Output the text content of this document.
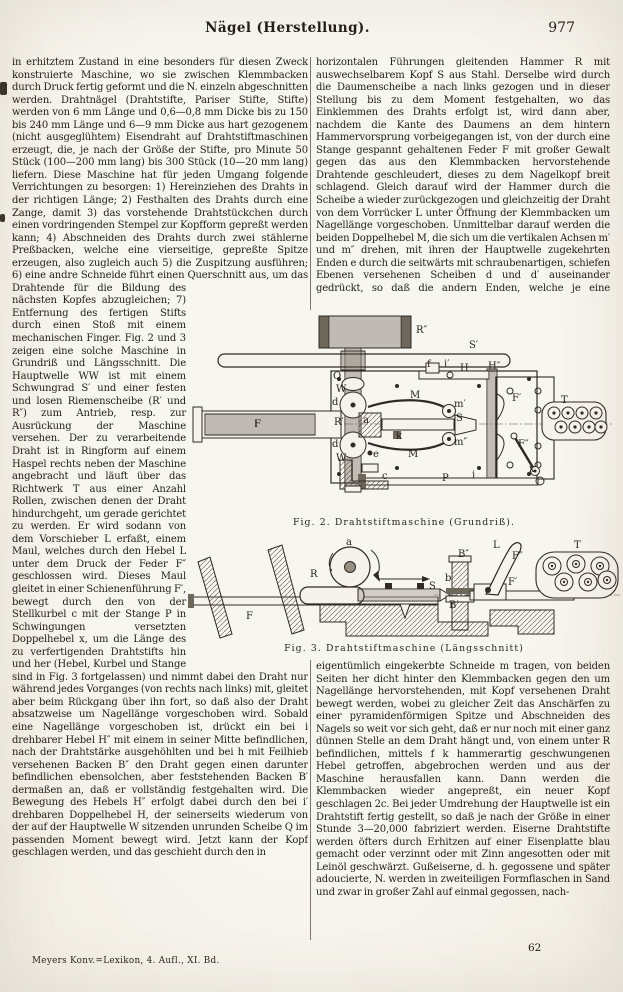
Nägel (Herstellung).	977
in erhitztem Zustand in eine besonders für diesen Zweck konstruierte Maschine, wo sie zwischen Klemmbacken durch Druck fertig geformt und die N. einzeln abgeschnitten werden. Drahtnägel (Drahtstifte, Pariser Stifte, Stifte) werden von 6 mm Länge und 0,6—0,8 mm Dicke bis zu 150 bis 240 mm Länge und 6—9 mm Dicke aus hart gezogenem (nicht ausgeglühtem) Eisendraht auf Drahtstiftmaschinen erzeugt, die, je nach der Größe der Stifte, pro Minute 50 Stück (100—200 mm lang) bis 300 Stück (10—20 mm lang) liefern. Diese Maschine hat für jeden Umgang folgende Verrichtungen zu besorgen: 1) Hereinziehen des Drahts in der richtigen Länge; 2) Festhalten des Drahts durch eine Zange, damit 3) das vorstehende Drahtstückchen durch einen vordringenden Stempel zur Kopfform gepreßt werden kann; 4) Abschneiden des Drahts durch zwei stählerne Preßbacken, welche eine vierseitige, gepreßte Spitze erzeugen, also zugleich auch 5) die Zuspitzung ausführen; 6) eine andre Schneide führt einen Querschnitt aus, um das Drahtende für die Bildung des nächsten Kopfes abzugleichen; 7) Entfernung des fertigen Stifts durch einen Stoß mit einem mechanischen Finger. Fig. 2 und 3 zeigen eine solche Maschine in Grundriß und Längsschnitt. Die Hauptwelle WW ist mit einem Schwungrad S′ und einer festen und losen Riemenscheibe (R′ und R″) zum Antrieb, resp. zur Ausrückung der Maschine versehen. Der zu verarbeitende Draht ist in Ringform auf einem Haspel rechts neben der Maschine angebracht und läuft über das Richtwerk T aus einer Anzahl Rollen, zwischen denen der Draht hindurchgeht, um gerade gerichtet zu werden. Er wird sodann von dem Vorschieber L erfaßt, einem Maul, welches durch den Hebel L unter dem Druck der Feder F″ geschlossen wird. Dieses Maul gleitet in einer Schienenführung F′, bewegt durch den von der Stellkurbel c mit der Stange P in Schwingungen versetzten Doppelhebel x, um die Länge des zu verfertigenden Drahtstifts hin und her (Hebel, Kurbel und Stange sind in Fig. 3 fortgelassen) und nimmt dabei den Draht nur während jedes Vorganges (von rechts nach links) mit, gleitet aber beim Rückgang über ihn fort, so daß also der Draht absatzweise um Nagellänge vorgeschoben wird. Sobald eine Nagellänge vorgeschoben ist, drückt ein bei i drehbarer Hebel H″ mit einem in seiner Mitte befindlichen, nach der Drahtstärke ausgehöhlten und bei h mit Feilhieb versehenen Backen B″ den Draht gegen einen darunter befindlichen ebensolchen, aber feststehenden Backen B′ dermaßen an, daß er vollständig festgehalten wird. Die Bewegung des Hebels H″ erfolgt dabei durch den bei i′ drehbaren Doppelhebel H, der seinerseits wiederum von der auf der Hauptwelle W sitzenden unrunden Scheibe Q im passenden Moment bewegt wird. Jetzt kann der Kopf geschlagen werden, und das geschieht durch den in
horizontalen Führungen gleitenden Hammer R mit auswechselbarem Kopf S aus Stahl. Derselbe wird durch die Daumenscheibe a nach links gezogen und in dieser Stellung bis zu dem Moment festgehalten, wo das Einklemmen des Drahts erfolgt ist, wird dann aber, nachdem die Kante des Daumens an dem hintern Hammervorsprung vorbeigegangen ist, von der durch eine Stange gespannt gehaltenen Feder F mit großer Gewalt gegen das aus den Klemmbacken hervorstehende Drahtende geschleudert, dieses zu dem Nagelkopf breit schlagend. Gleich darauf wird der Hammer durch die Scheibe a wieder zurückgezogen und gleichzeitig der Draht von dem Vorrücker L unter Öffnung der Klemmbacken um Nagellänge vorgeschoben. Unmittelbar darauf werden die beiden Doppelhebel M, die sich um die vertikalen Achsen m′ und m″ drehen, mit ihren der Hauptwelle zugekehrten Enden e durch die seitwärts mit schraubenartigen, schiefen Ebenen versehenen Scheiben d und d′ auseinander gedrückt, so daß die andern Enden, welche je eine eigentümlich eingekerbte Schneide m tragen, von beiden Seiten her dicht hinter den Klemmbacken gegen den um Nagellänge hervorstehenden, mit Kopf versehenen Draht bewegt werden, wobei zu gleicher Zeit das Anschärfen zu einer pyramidenförmigen Spitze und Abschneiden des Nagels so weit vor sich geht, daß er nur noch mit einer ganz dünnen Stelle an dem Draht hängt und, von einem unter R befindlichen, mittels f k hammerartig geschwungenen Hebel getroffen, abgebrochen werden und aus der Maschine herausfallen kann. Dann werden die Klemmbacken wieder angepreßt, ein neuer Kopf geschlagen 2c. Bei jeder Umdrehung der Hauptwelle ist ein Drahtstift fertig gestellt, so daß je nach der Größe in einer Stunde 3—20,000 fabriziert werden. Eiserne Drahtstifte werden öfters durch Erhitzen auf einer Eisenplatte blau gemacht oder verzinnt oder mit Zinn angesotten oder mit Leinöl geschwärzt. Gußeiserne, d. h. gegossene und später adoucierte, N. werden in zweiteiligen Formflaschen in Sand und zwar in großer Zahl auf einmal gegossen, nach-
R″
S′
Q
W
d
F	R′ a
k
M
m′
m″
M
d
W	e
c
f i′ H H″
F′
S
F″
i
x
P
T
Fig. 2. Drahtstiftmaschine (Grundriß).
a
R
S
b
B″
B′
L
F″
F′
T
F
Fig. 3. Drahtstiftmaschine (Längsschnitt)
Meyers Konv.=Lexikon, 4. Aufl., XI. Bd.
62
